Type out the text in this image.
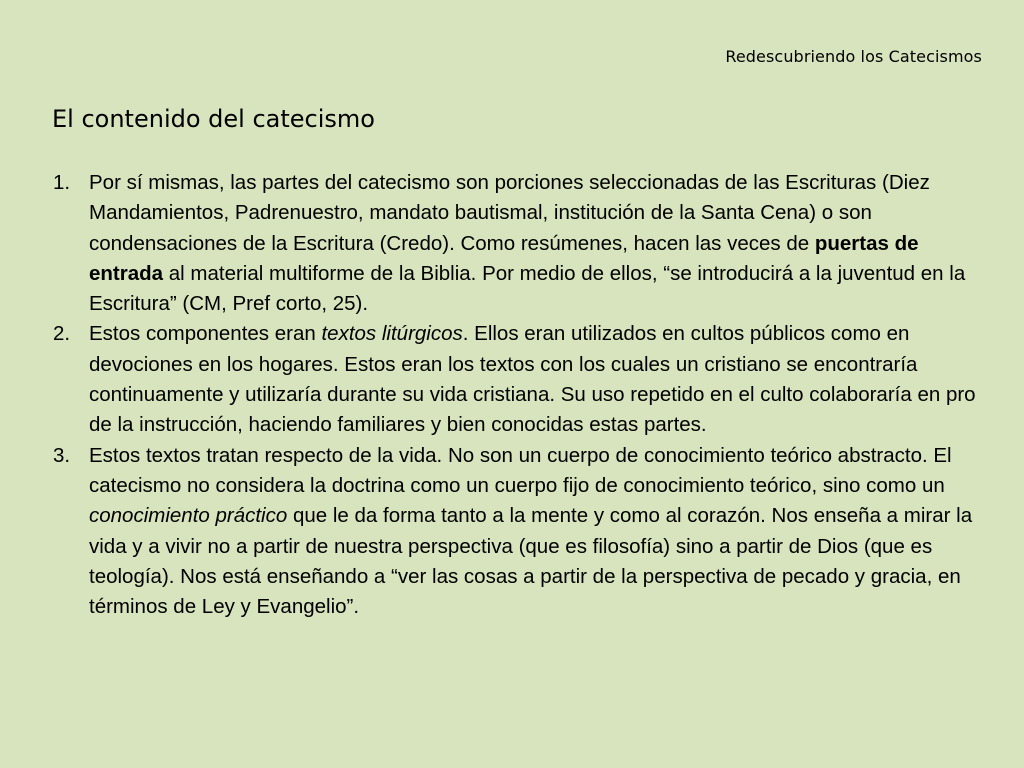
Redescubriendo los Catecismos
El contenido del catecismo
1. Por sí mismas, las partes del catecismo son porciones seleccionadas de las Escrituras (Diez Mandamientos, Padrenuestro, mandato bautismal, institución de la Santa Cena) o son condensaciones de la Escritura (Credo). Como resúmenes, hacen las veces de puertas de entrada al material multiforme de la Biblia. Por medio de ellos, “se introducirá a la juventud en la Escritura” (CM, Pref corto, 25).
2. Estos componentes eran textos litúrgicos. Ellos eran utilizados en cultos públicos como en devociones en los hogares. Estos eran los textos con los cuales un cristiano se encontraría continuamente y utilizaría durante su vida cristiana. Su uso repetido en el culto colaboraría en pro de la instrucción, haciendo familiares y bien conocidas estas partes.
3. Estos textos tratan respecto de la vida. No son un cuerpo de conocimiento teórico abstracto. El catecismo no considera la doctrina como un cuerpo fijo de conocimiento teórico, sino como un conocimiento práctico que le da forma tanto a la mente y como al corazón. Nos enseña a mirar la vida y a vivir no a partir de nuestra perspectiva (que es filosofía) sino a partir de Dios (que es teología). Nos está enseñando a “ver las cosas a partir de la perspectiva de pecado y gracia, en términos de Ley y Evangelio”.
